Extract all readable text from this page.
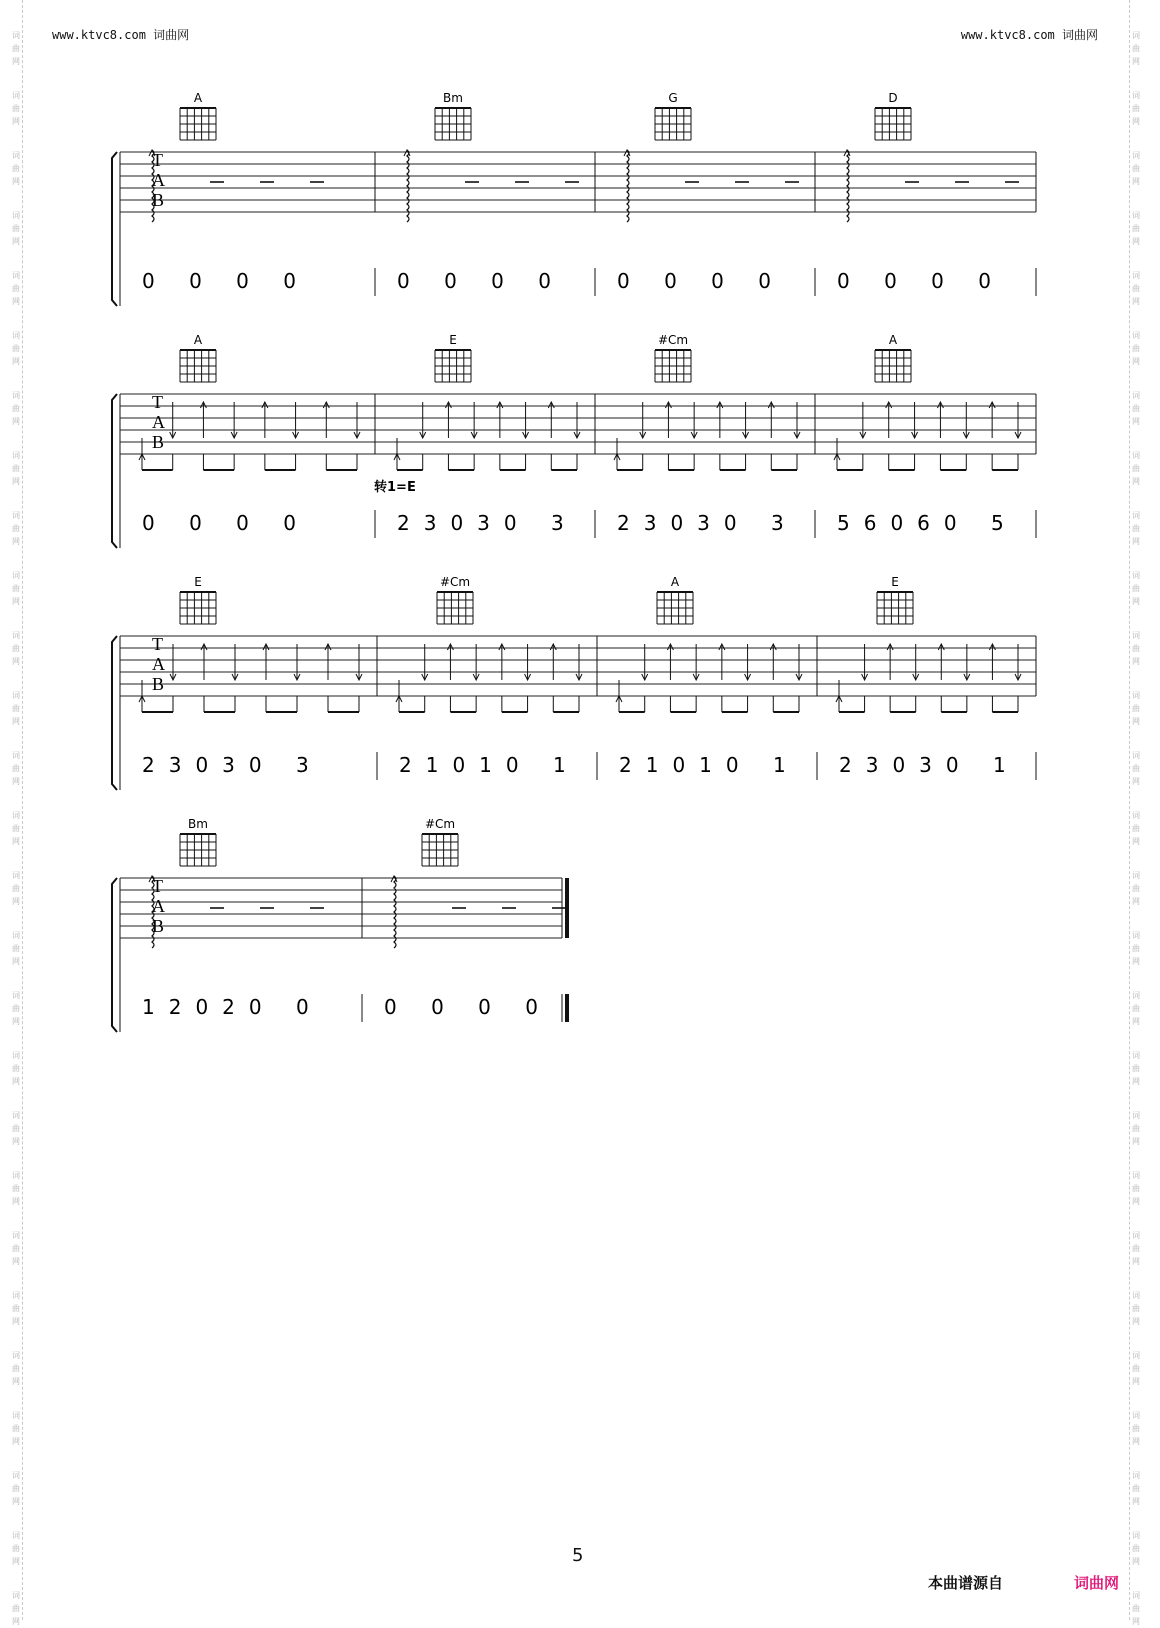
词
曲
网
词
曲
网
词
曲
网
词
曲
网
词
曲
网
词
曲
网
词
曲
网
词
曲
网
词
曲
网
词
曲
网
词
曲
网
词
曲
网
词
曲
网
词
曲
网
词
曲
网
词
曲
网
词
曲
网
词
曲
网
词
曲
网
词
曲
网
词
曲
网
词
曲
网
词
曲
网
词
曲
网
词
曲
网
词
曲
网
词
曲
网
词
曲
网
词
曲
网
词
曲
网
词
曲
网
词
曲
网
词
曲
网
词
曲
网
词
曲
网
词
曲
网
词
曲
网
词
曲
网
词
曲
网
词
曲
网
词
曲
网
词
曲
网
词
曲
网
词
曲
网
词
曲
网
词
曲
网
词
曲
网
词
曲
网
词
曲
网
词
曲
网
词
曲
网
词
曲
网
词
曲
网
词
曲
网
www.ktvc8.com 词曲网	www.ktvc8.com 词曲网
T
A
B
A
0 0 0 0
Bm
0 0 0 0
G
0 0 0 0
D
0 0 0 0
T
A
B
A
0 0 0 0
E
23030 3
#Cm
23030 3
A
56060 5
T
A
B
E
23030 3
#Cm
21010 1
A
21010 1
E
23030 1
T
A
B
Bm
12020 0
#Cm
0 0 0 0
转1=E
5
本曲谱源自	词曲网
